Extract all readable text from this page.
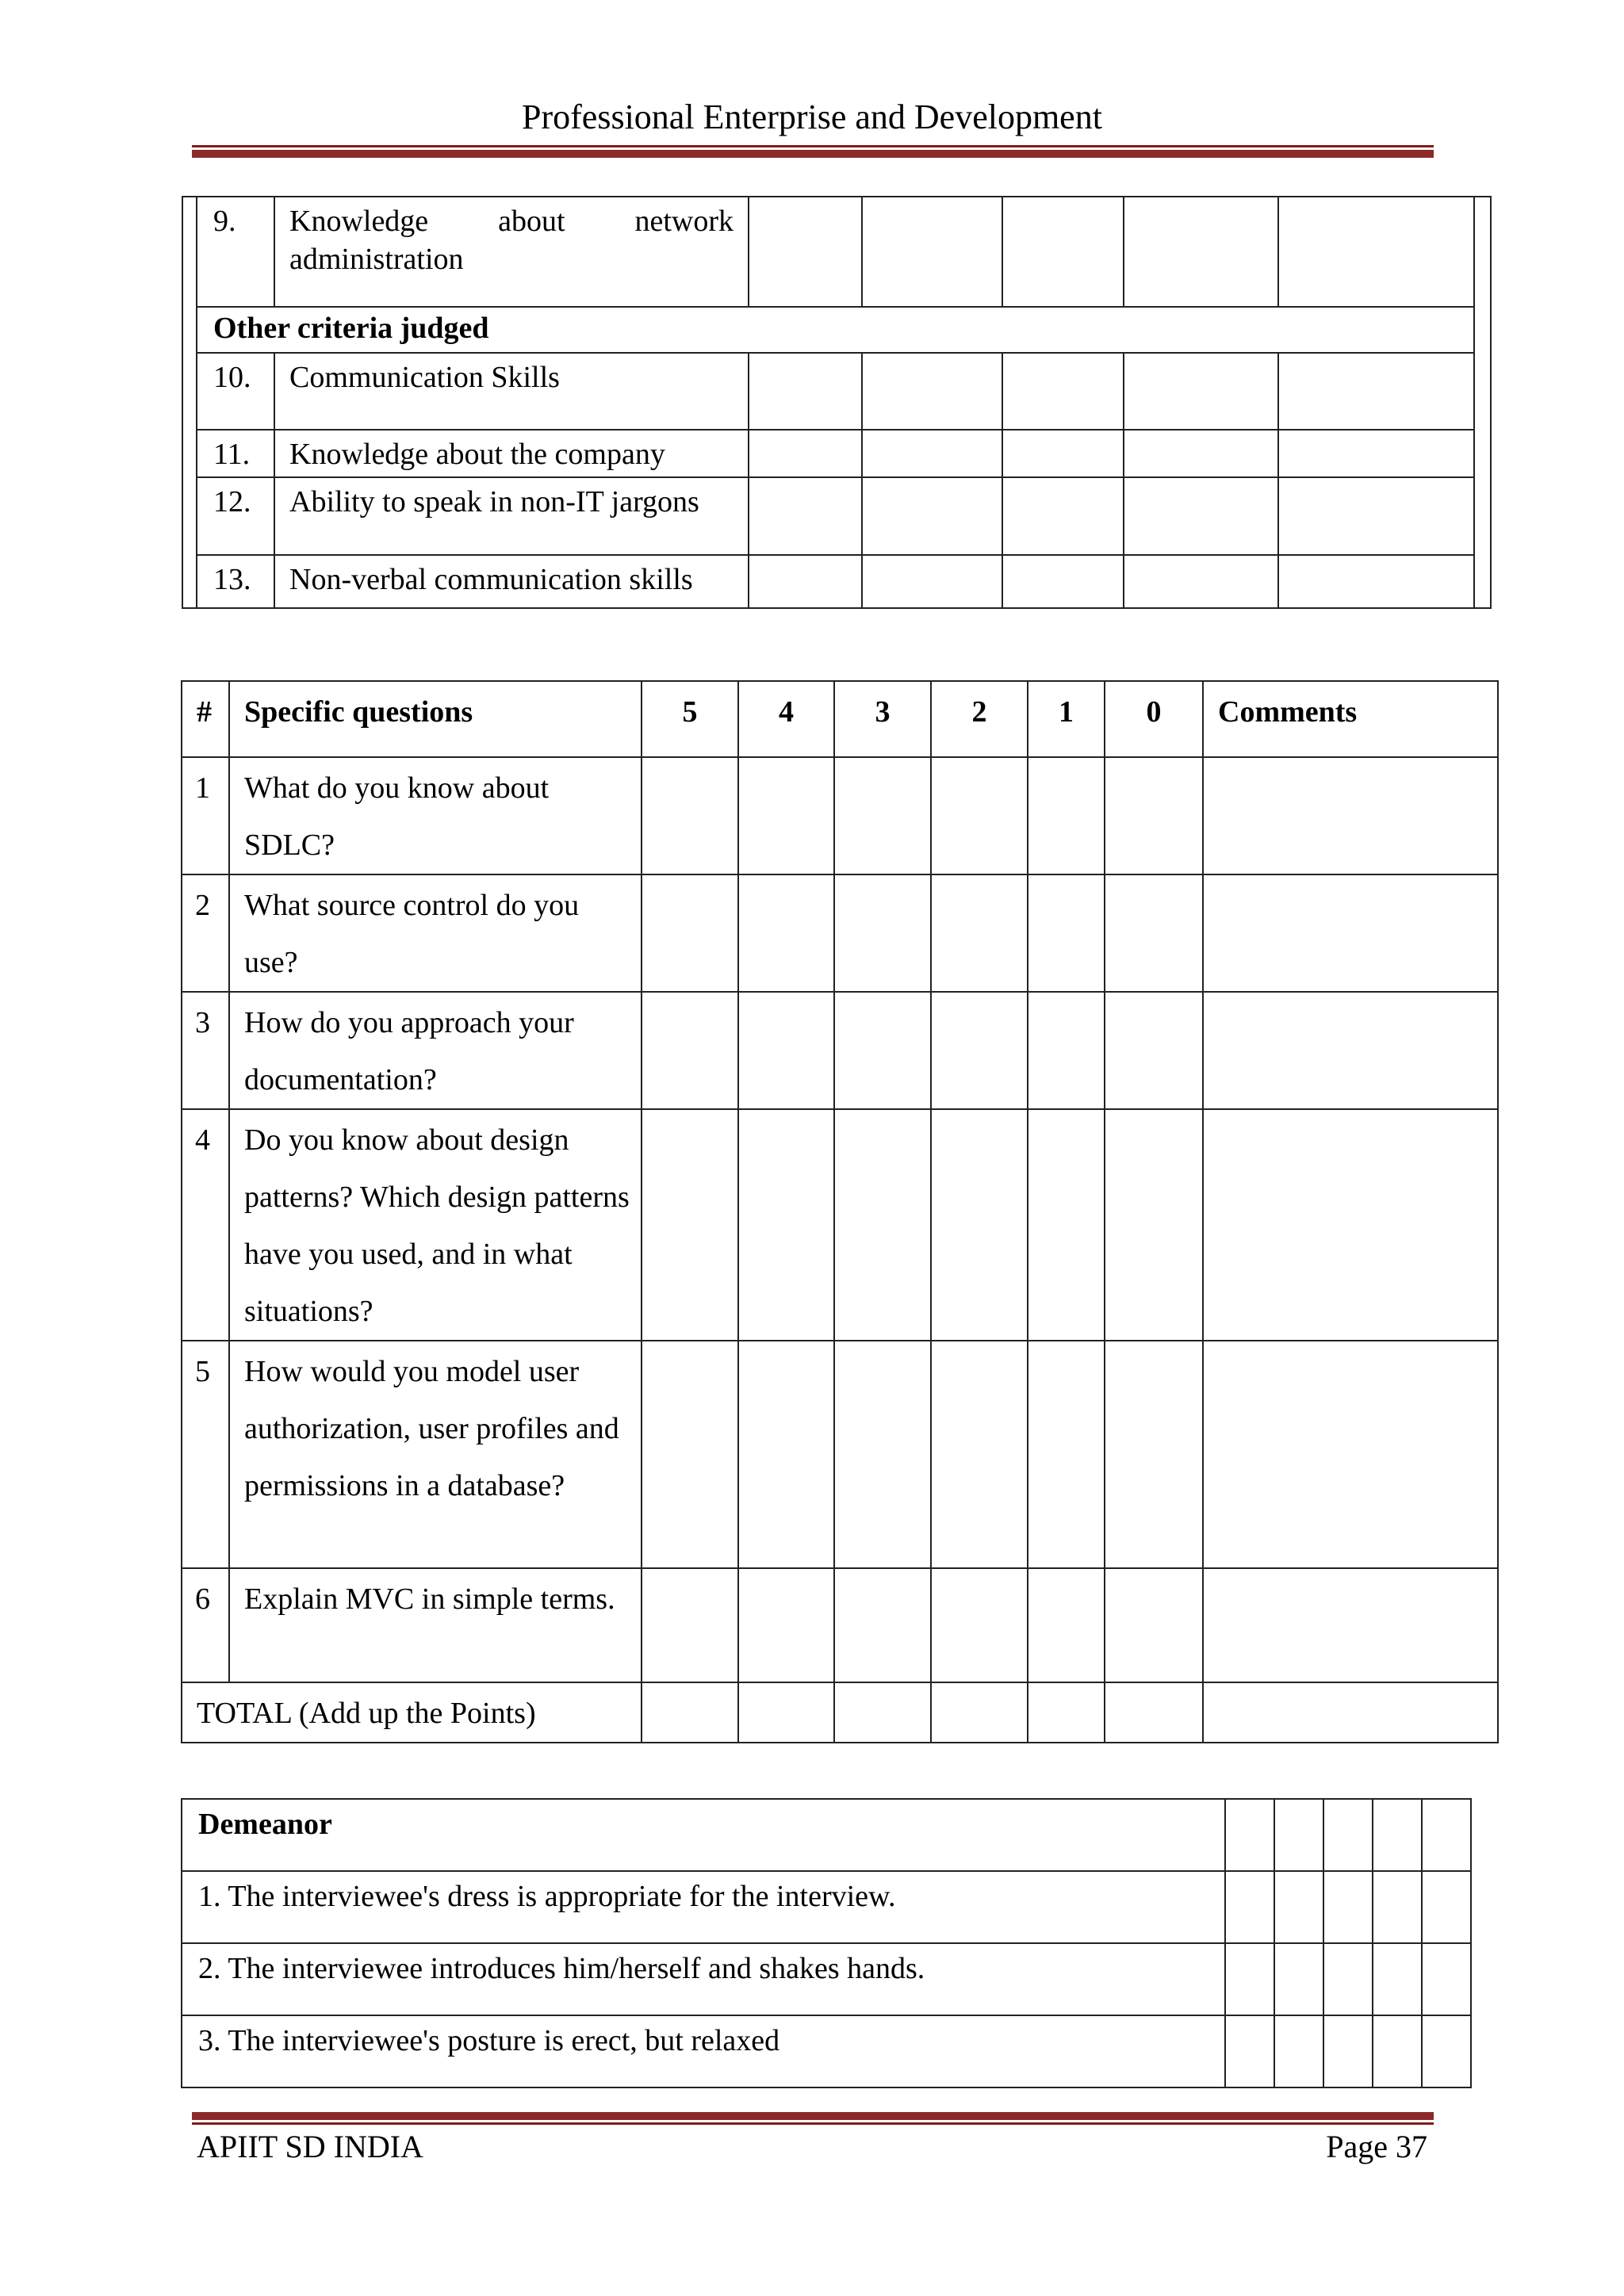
Professional Enterprise and Development
9.	Knowledge about network administration					
Other criteria judged						
10.	Communication Skills					
11.	Knowledge about the company					
12.	Ability to speak in non-IT jargons					
13.	Non-verbal communication skills					
#	Specific questions	5	4	3	2	1	0	Comments
1	What do you know about SDLC?							
2	What source control do you use?							
3	How do you approach your documentation?							
4	Do you know about design patterns? Which design patterns have you used, and in what situations?							
5	How would you model user authorization, user profiles and permissions in a database?							
6	Explain MVC in simple terms.							
TOTAL (Add up the Points)								
Demeanor					
1. The interviewee's dress is appropriate for the interview.					
2. The interviewee introduces him/herself and shakes hands.					
3. The interviewee's posture is erect, but relaxed					
APIIT SD INDIA	Page 37
